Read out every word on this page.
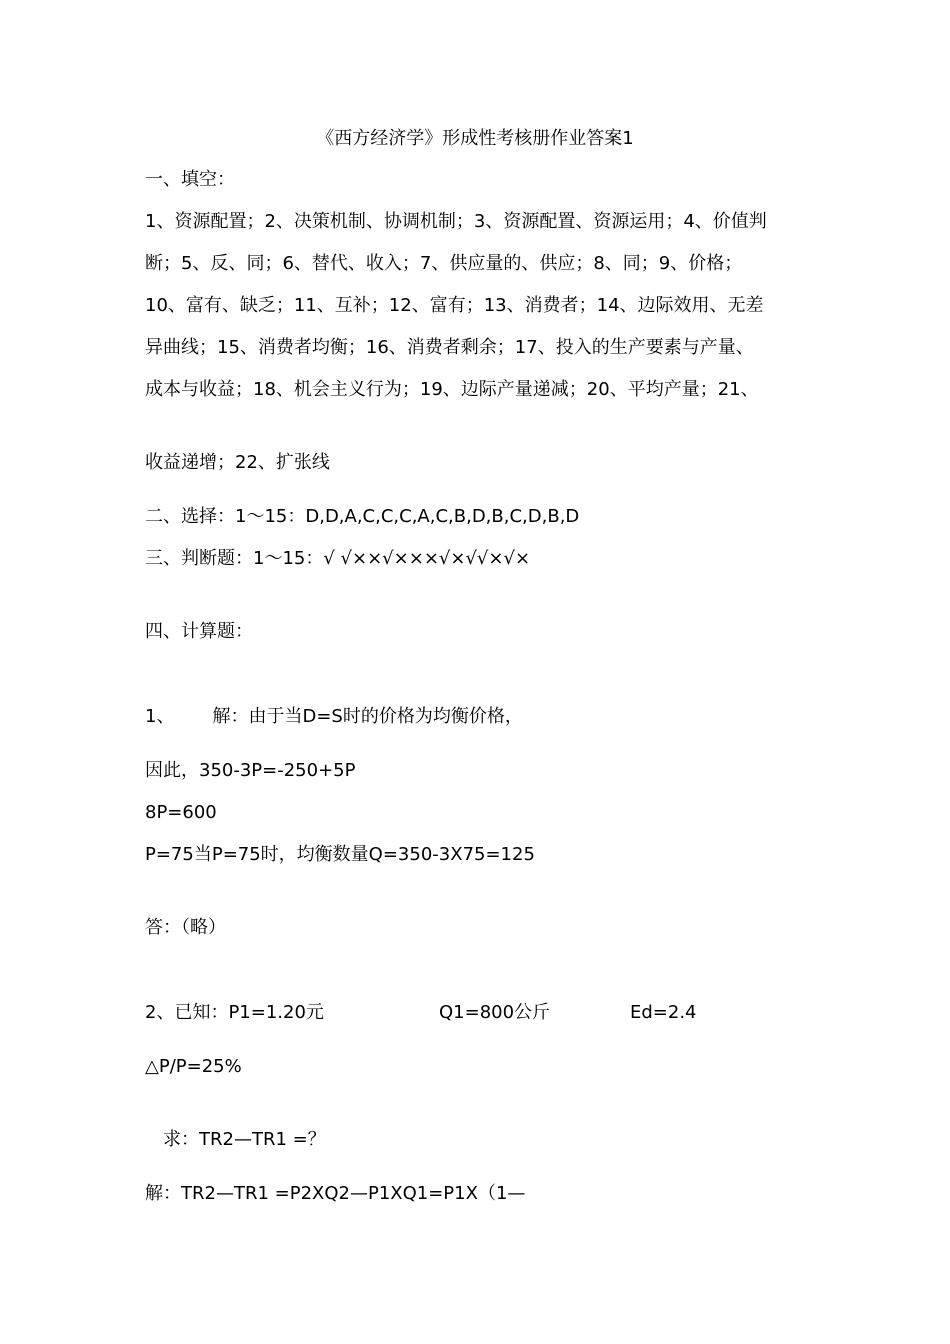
《西方经济学》形成性考核册作业答案1
一、填空：
1、资源配置；2、决策机制、协调机制；3、资源配置、资源运用；4、价值判
断；5、反、同；6、替代、收入；7、供应量的、供应；8、同；9、价格；
10、富有、缺乏；11、互补；12、富有；13、消费者；14、边际效用、无差
异曲线；15、消费者均衡；16、消费者剩余；17、投入的生产要素与产量、
成本与收益；18、机会主义行为；19、边际产量递减；20、平均产量；21、
收益递增；22、扩张线
二、选择：1～15：D,D,A,C,C,C,A,C,B,D,B,C,D,B,D
三、判断题：1～15：√ √××√×××√×√√×√×
四、计算题：
1、 解：由于当D=S时的价格为均衡价格，
因此，350-3P=-250+5P
8P=600
P=75当P=75时，均衡数量Q=350-3X75=125
答：（略）
2、已知：P1=1.20元	Q1=800公斤	Ed=2.4
△P/P=25%
求：TR2—TR1 =？
解：TR2—TR1 =P2XQ2—P1XQ1=P1X（1—
